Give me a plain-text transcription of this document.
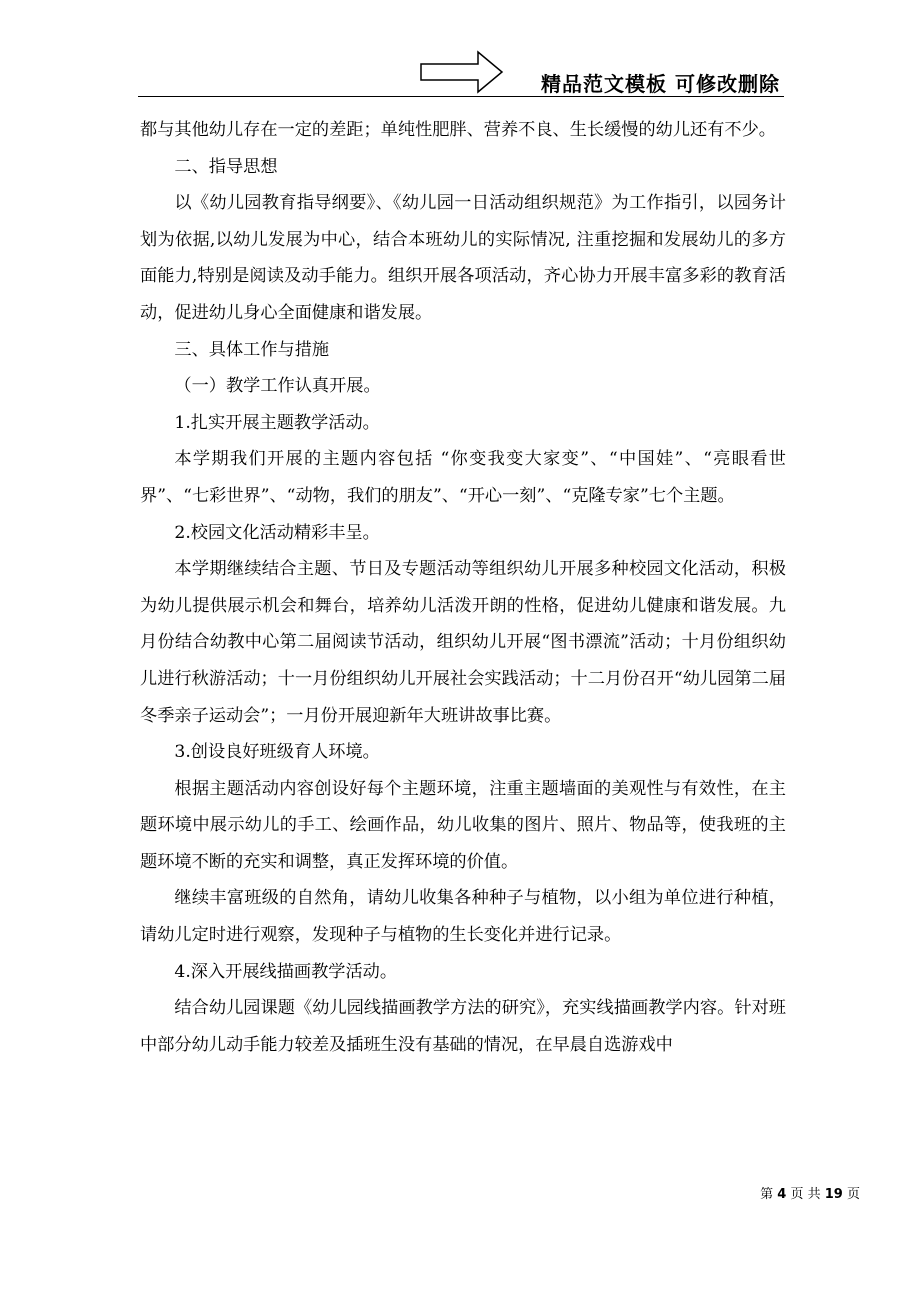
精品范文模板 可修改删除

都与其他幼儿存在一定的差距；单纯性肥胖、营养不良、生长缓慢的幼儿还有不少。

二、指导思想

以《幼儿园教育指导纲要》、《幼儿园一日活动组织规范》为工作指引，以园务计划为依据,以幼儿发展为中心，结合本班幼儿的实际情况, 注重挖掘和发展幼儿的多方面能力,特别是阅读及动手能力。组织开展各项活动，齐心协力开展丰富多彩的教育活动，促进幼儿身心全面健康和谐发展。

三、具体工作与措施

（一）教学工作认真开展。

1.扎实开展主题教学活动。

本学期我们开展的主题内容包括 “你变我变大家变”、“中国娃”、“亮眼看世界”、“七彩世界”、“动物，我们的朋友”、“开心一刻”、“克隆专家”七个主题。

2.校园文化活动精彩丰呈。

本学期继续结合主题、节日及专题活动等组织幼儿开展多种校园文化活动，积极为幼儿提供展示机会和舞台，培养幼儿活泼开朗的性格，促进幼儿健康和谐发展。九月份结合幼教中心第二届阅读节活动，组织幼儿开展“图书漂流”活动；十月份组织幼儿进行秋游活动；十一月份组织幼儿开展社会实践活动；十二月份召开“幼儿园第二届冬季亲子运动会”；一月份开展迎新年大班讲故事比赛。

3.创设良好班级育人环境。

根据主题活动内容创设好每个主题环境，注重主题墙面的美观性与有效性，在主题环境中展示幼儿的手工、绘画作品，幼儿收集的图片、照片、物品等，使我班的主题环境不断的充实和调整，真正发挥环境的价值。

继续丰富班级的自然角，请幼儿收集各种种子与植物，以小组为单位进行种植，请幼儿定时进行观察，发现种子与植物的生长变化并进行记录。

4.深入开展线描画教学活动。

结合幼儿园课题《幼儿园线描画教学方法的研究》，充实线描画教学内容。针对班中部分幼儿动手能力较差及插班生没有基础的情况，在早晨自选游戏中

第 4 页 共 19 页
